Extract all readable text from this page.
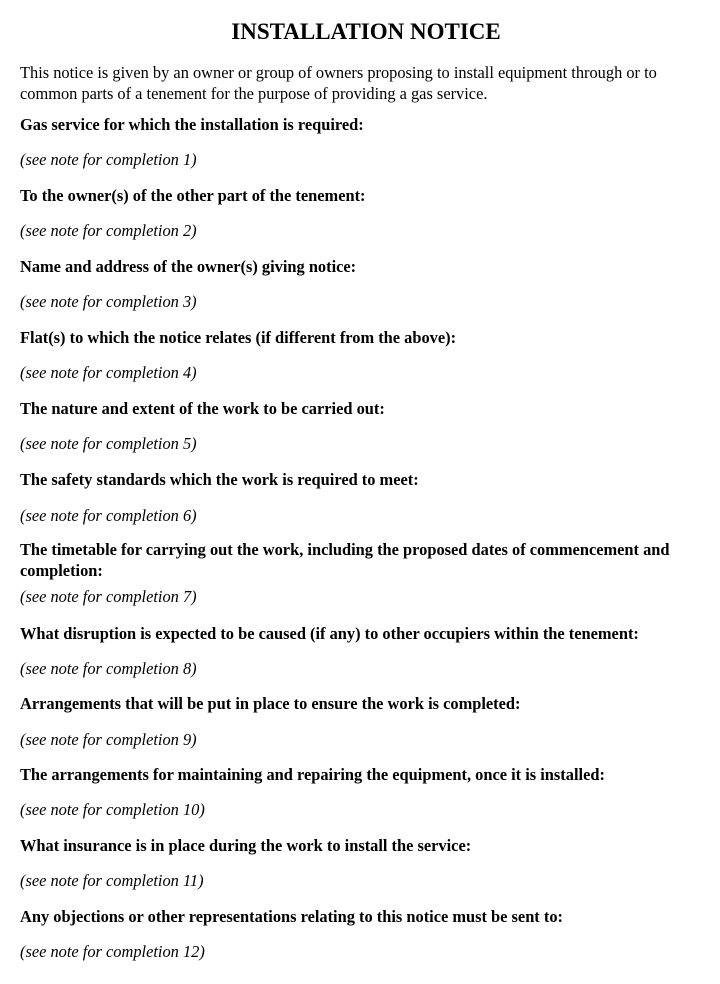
INSTALLATION NOTICE

This notice is given by an owner or group of owners proposing to install equipment through or to common parts of a tenement for the purpose of providing a gas service.

Gas service for which the installation is required:

(see note for completion 1)

To the owner(s) of the other part of the tenement:

(see note for completion 2)

Name and address of the owner(s) giving notice:

(see note for completion 3)

Flat(s) to which the notice relates (if different from the above):

(see note for completion 4)

The nature and extent of the work to be carried out:

(see note for completion 5)

The safety standards which the work is required to meet:

(see note for completion 6)

The timetable for carrying out the work, including the proposed dates of commencement and completion:

(see note for completion 7)

What disruption is expected to be caused (if any) to other occupiers within the tenement:

(see note for completion 8)

Arrangements that will be put in place to ensure the work is completed:

(see note for completion 9)

The arrangements for maintaining and repairing the equipment, once it is installed:

(see note for completion 10)

What insurance is in place during the work to install the service:

(see note for completion 11)

Any objections or other representations relating to this notice must be sent to:

(see note for completion 12)
